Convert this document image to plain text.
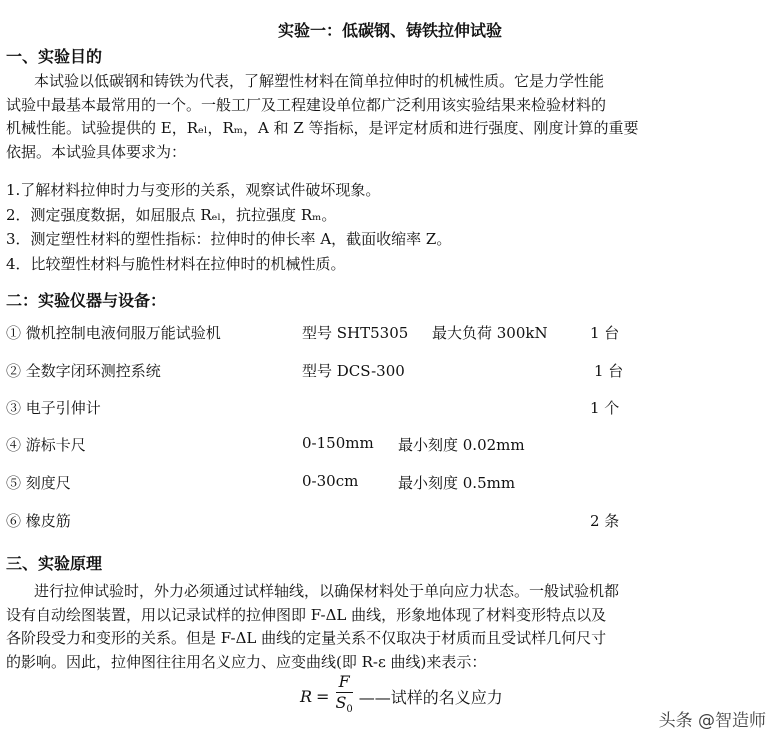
实验一：低碳钢、铸铁拉伸试验
一、实验目的
本试验以低碳钢和铸铁为代表，了解塑性材料在简单拉伸时的机械性质。它是力学性能
试验中最基本最常用的一个。一般工厂及工程建设单位都广泛利用该实验结果来检验材料的
机械性能。试验提供的 E，Rₑₗ，Rₘ，A 和 Z 等指标，是评定材质和进行强度、刚度计算的重要
依据。本试验具体要求为：
1.了解材料拉伸时力与变形的关系，观察试件破坏现象。
2．测定强度数据，如屈服点 Rₑₗ，抗拉强度 Rₘ。
3．测定塑性材料的塑性指标：拉伸时的伸长率 A，截面收缩率 Z。
4．比较塑性材料与脆性材料在拉伸时的机械性质。
二：实验仪器与设备：
① 微机控制电液伺服万能试验机	型号 SHT5305 最大负荷 300kN	1 台
② 全数字闭环测控系统	型号 DCS-300	1 台
③ 电子引伸计	1 个
④ 游标卡尺	0-150mm 最小刻度 0.02mm
⑤ 刻度尺	0-30cm	最小刻度 0.5mm
⑥ 橡皮筋	2 条
三、实验原理
进行拉伸试验时，外力必须通过试样轴线，以确保材料处于单向应力状态。一般试验机都
设有自动绘图装置，用以记录试样的拉伸图即 F-ΔL 曲线，形象地体现了材料变形特点以及
各阶段受力和变形的关系。但是 F-ΔL 曲线的定量关系不仅取决于材质而且受试样几何尺寸
的影响。因此，拉伸图往往用名义应力、应变曲线(即 R-ε 曲线)来表示：
$R = \frac{F}{S_0}$ ——试样的名义应力
头条 @智造师
